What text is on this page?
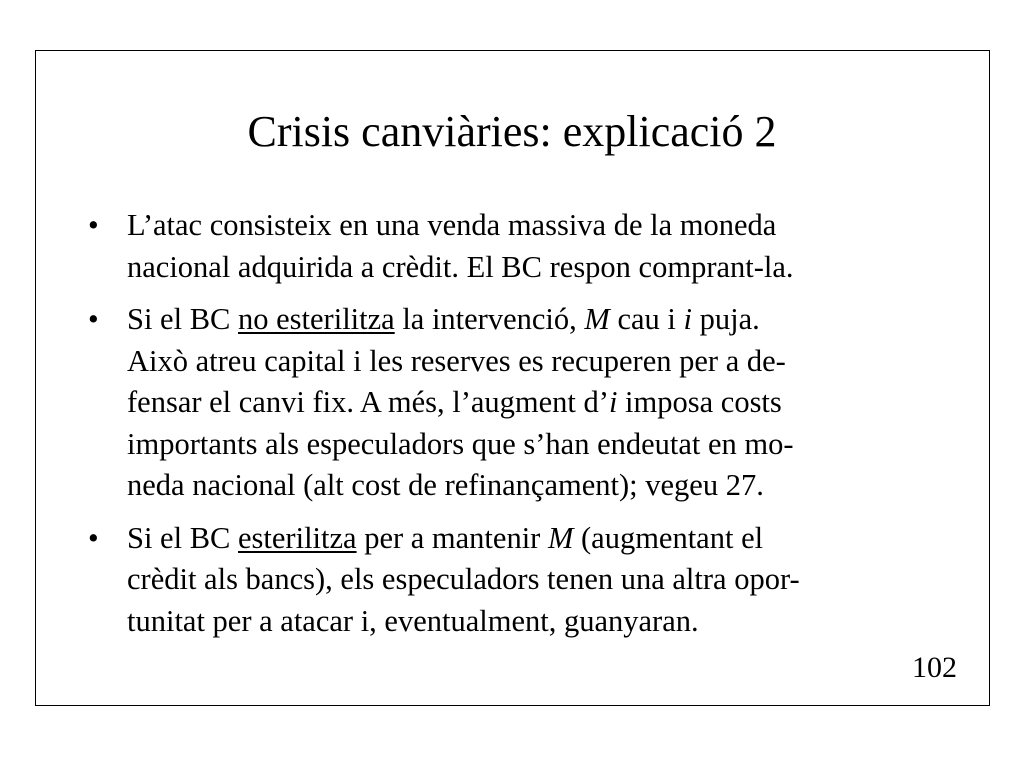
Crisis canviàries: explicació 2
• L’atac consisteix en una venda massiva de la moneda
nacional adquirida a crèdit. El BC respon comprant-la.
• Si el BC no esterilitza la intervenció, M cau i i puja.
Això atreu capital i les reserves es recuperen per a de-
fensar el canvi fix. A més, l’augment d’i imposa costs
importants als especuladors que s’han endeutat en mo-
neda nacional (alt cost de refinançament); vegeu 27.
• Si el BC esterilitza per a mantenir M (augmentant el
crèdit als bancs), els especuladors tenen una altra opor-
tunitat per a atacar i, eventualment, guanyaran.
102
